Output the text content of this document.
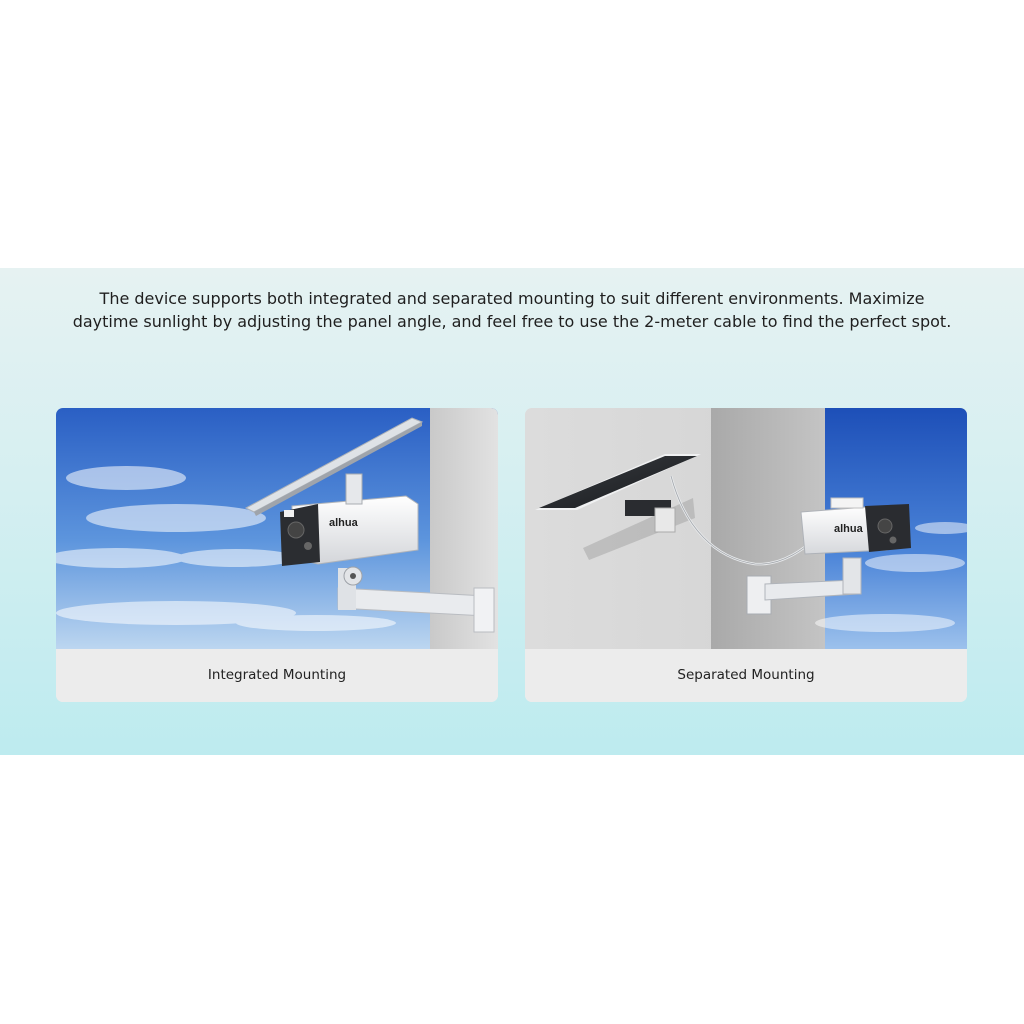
The device supports both integrated and separated mounting to suit different environments. Maximize daytime sunlight by adjusting the panel angle, and feel free to use the 2-meter cable to find the perfect spot.

alhua
Integrated Mounting
alhua
Separated Mounting
